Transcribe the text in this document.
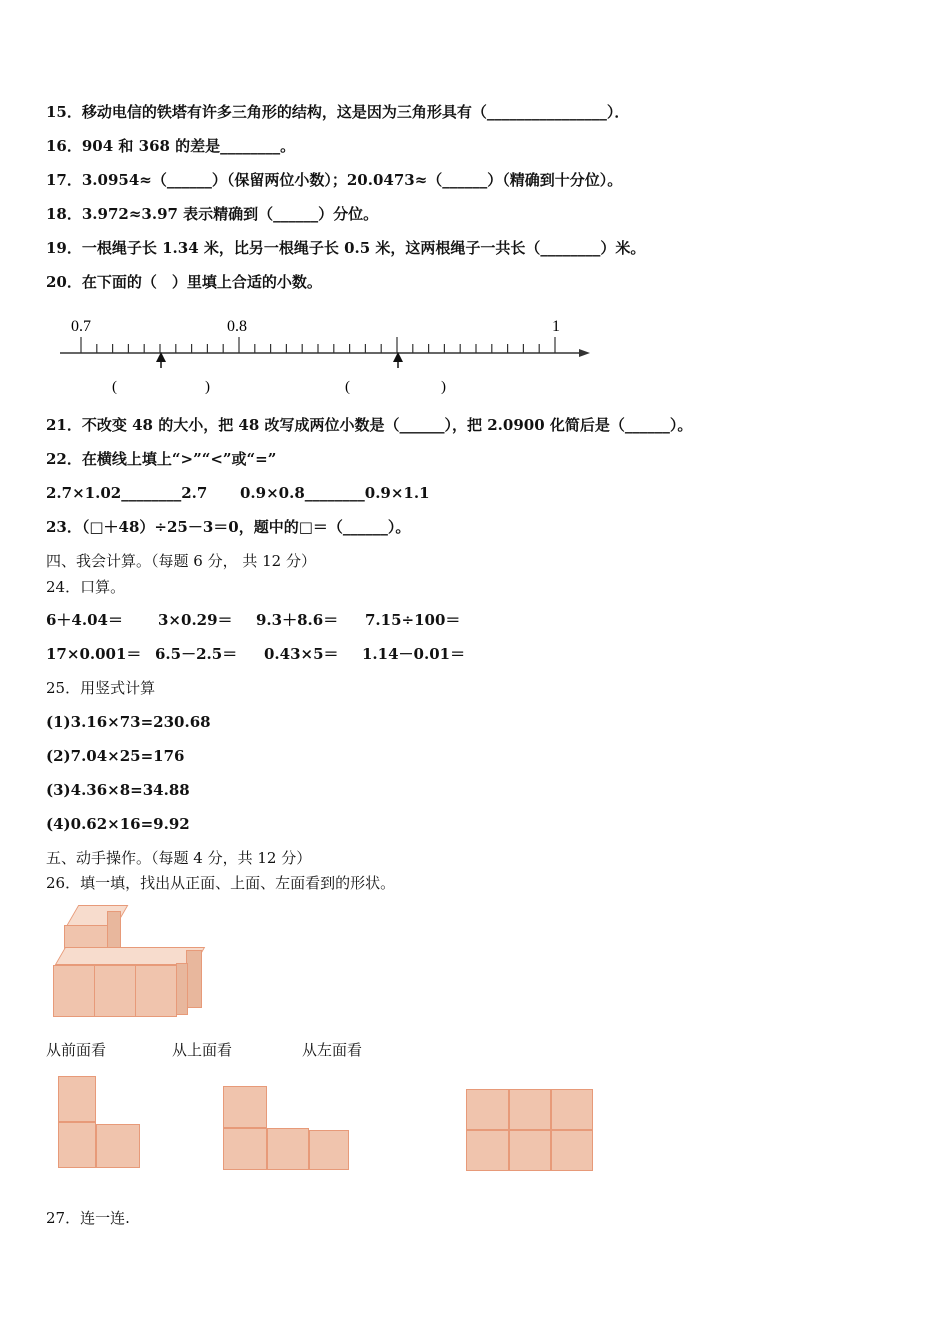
15．移动电信的铁塔有许多三角形的结构，这是因为三角形具有（________________）．
16．904 和 368 的差是________。
17．3.0954≈（______）（保留两位小数）；20.0473≈（______）（精确到十分位）。
18．3.972≈3.97 表示精确到（______）分位。
19．一根绳子长 1.34 米，比另一根绳子长 0.5 米，这两根绳子一共长（________）米。
20．在下面的（　）里填上合适的小数。
0.7	0.8	1
(	)	(	)
21．不改变 48 的大小，把 48 改写成两位小数是（______），把 2.0900 化简后是（______）。
22．在横线上填上“>”“<”或“=”
2.7×1.02________2.7 0.9×0.8________0.9×1.1
23．（□＋48）÷25－3＝0，题中的□＝（______）。
四、我会计算。（每题 6 分， 共 12 分）
24．口算。
6＋4.04＝ 3×0.29＝ 9.3＋8.6＝ 7.15÷100＝
17×0.001＝ 6.5－2.5＝ 0.43×5＝ 1.14－0.01＝
25．用竖式计算
(1)3.16×73=230.68
(2)7.04×25=176
(3)4.36×8=34.88
(4)0.62×16=9.92
五、动手操作。（每题 4 分，共 12 分）
26．填一填，找出从正面、上面、左面看到的形状。
从前面看	从上面看	从左面看
27．连一连.
